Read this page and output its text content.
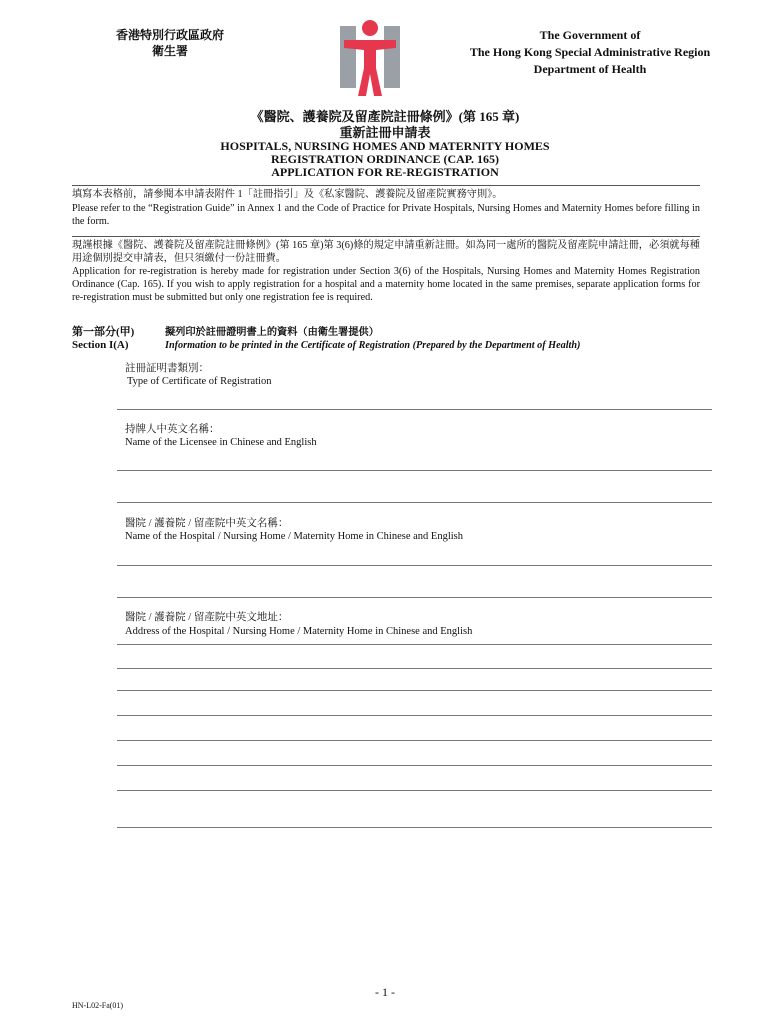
香港特別行政區政府
衛生署
The Government of
The Hong Kong Special Administrative Region
Department of Health
《醫院、護養院及留產院註冊條例》(第 165 章)
重新註冊申請表
HOSPITALS, NURSING HOMES AND MATERNITY HOMES
REGISTRATION ORDINANCE (CAP. 165)
APPLICATION FOR RE-REGISTRATION
填寫本表格前，請參閱本申請表附件 1「註冊指引」及《私家醫院、護養院及留產院實務守則》。
Please refer to the “Registration Guide” in Annex 1 and the Code of Practice for Private Hospitals, Nursing Homes and Maternity Homes before filling in the form.
現謹根據《醫院、護養院及留產院註冊條例》(第 165 章)第 3(6)條的規定申請重新註冊。如為同一處所的醫院及留產院申請註冊，必須就每種用途個別提交申請表，但只須繳付一份註冊費。
Application for re-registration is hereby made for registration under Section 3(6) of the Hospitals, Nursing Homes and Maternity Homes Registration Ordinance (Cap. 165). If you wish to apply registration for a hospital and a maternity home located in the same premises, separate application forms for re-registration must be submitted but only one registration fee is required.
第一部分(甲)
Section I(A)
擬列印於註冊證明書上的資料（由衛生署提供）
Information to be printed in the Certificate of Registration (Prepared by the Department of Health)
註冊証明書類別：
Type of Certificate of Registration
持牌人中英文名稱：
Name of the Licensee in Chinese and English
醫院 / 護養院 / 留產院中英文名稱：
Name of the Hospital / Nursing Home / Maternity Home in Chinese and English
醫院 / 護養院 / 留產院中英文地址：
Address of the Hospital / Nursing Home / Maternity Home in Chinese and English
- 1 -
HN-L02-Fa(01)
